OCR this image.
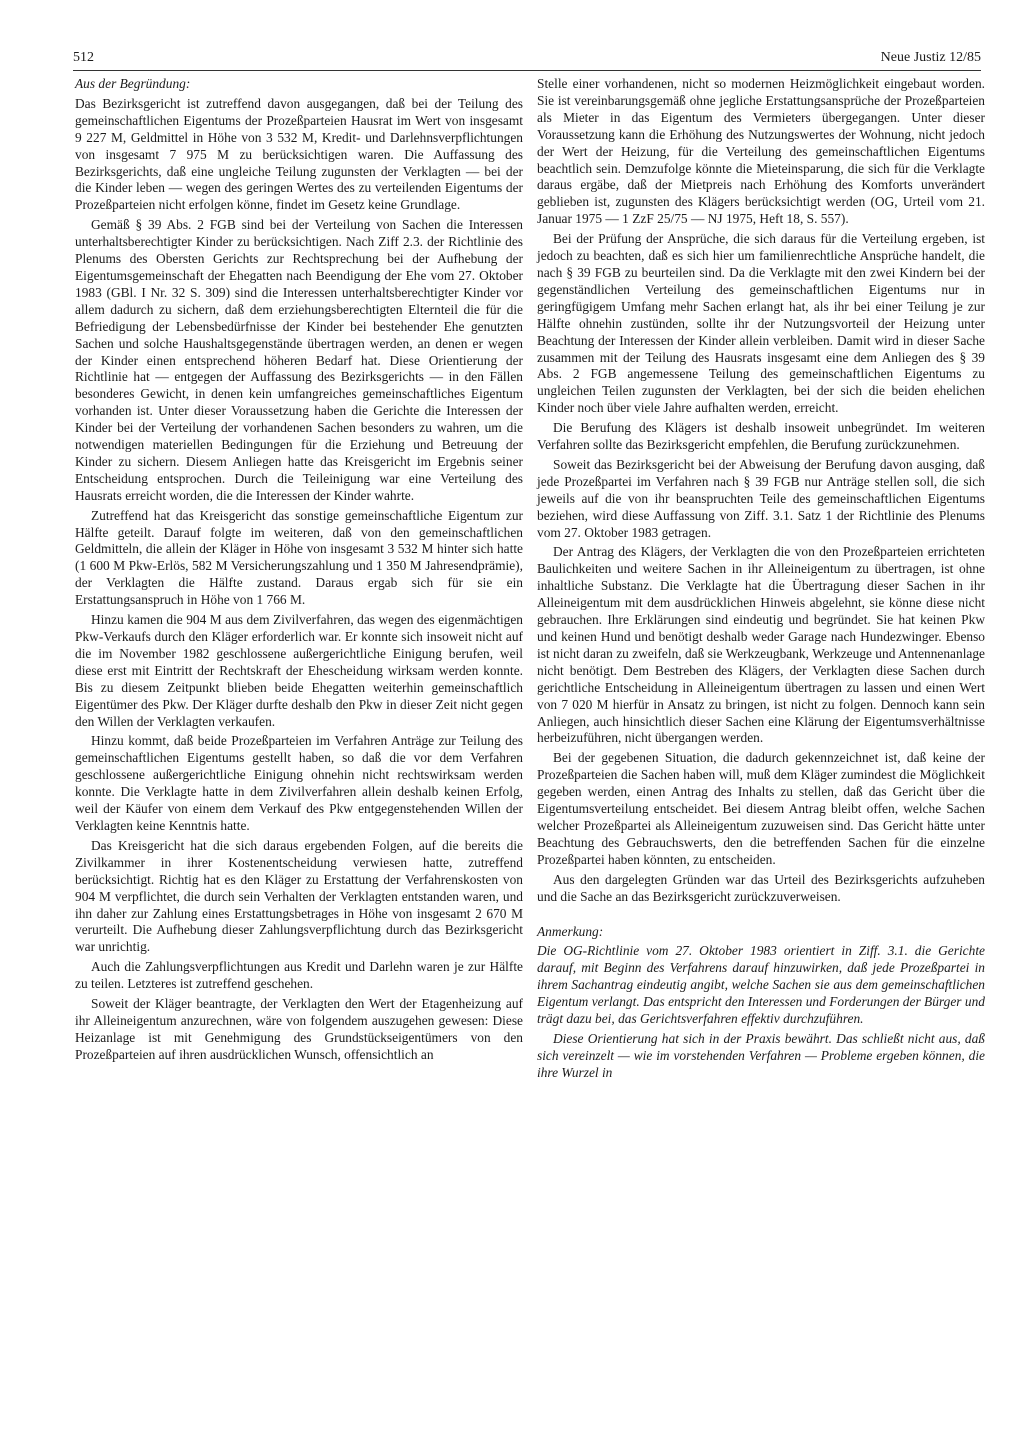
512	Neue Justiz 12/85

Aus der Begründung:

Das Bezirksgericht ist zutreffend davon ausgegangen, daß bei der Teilung des gemeinschaftlichen Eigentums der Prozeßparteien Hausrat im Wert von insgesamt 9 227 M, Geldmittel in Höhe von 3 532 M, Kredit- und Darlehnsverpflichtungen von insgesamt 7 975 M zu berücksichtigen waren. Die Auffassung des Bezirksgerichts, daß eine ungleiche Teilung zugunsten der Verklagten — bei der die Kinder leben — wegen des geringen Wertes des zu verteilenden Eigentums der Prozeßparteien nicht erfolgen könne, findet im Gesetz keine Grundlage.

Gemäß § 39 Abs. 2 FGB sind bei der Verteilung von Sachen die Interessen unterhaltsberechtigter Kinder zu berücksichtigen. Nach Ziff 2.3. der Richtlinie des Plenums des Obersten Gerichts zur Rechtsprechung bei der Aufhebung der Eigentumsgemeinschaft der Ehegatten nach Beendigung der Ehe vom 27. Oktober 1983 (GBl. I Nr. 32 S. 309) sind die Interessen unterhaltsberechtigter Kinder vor allem dadurch zu sichern, daß dem erziehungsberechtigten Elternteil die für die Befriedigung der Lebensbedürfnisse der Kinder bei bestehender Ehe genutzten Sachen und solche Haushaltsgegenstände übertragen werden, an denen er wegen der Kinder einen entsprechend höheren Bedarf hat. Diese Orientierung der Richtlinie hat — entgegen der Auffassung des Bezirksgerichts — in den Fällen besonderes Gewicht, in denen kein umfangreiches gemeinschaftliches Eigentum vorhanden ist. Unter dieser Voraussetzung haben die Gerichte die Interessen der Kinder bei der Verteilung der vorhandenen Sachen besonders zu wahren, um die notwendigen materiellen Bedingungen für die Erziehung und Betreuung der Kinder zu sichern. Diesem Anliegen hatte das Kreisgericht im Ergebnis seiner Entscheidung entsprochen. Durch die Teileinigung war eine Verteilung des Hausrats erreicht worden, die die Interessen der Kinder wahrte.

Zutreffend hat das Kreisgericht das sonstige gemeinschaftliche Eigentum zur Hälfte geteilt. Darauf folgte im weiteren, daß von den gemeinschaftlichen Geldmitteln, die allein der Kläger in Höhe von insgesamt 3 532 M hinter sich hatte (1 600 M Pkw-Erlös, 582 M Versicherungszahlung und 1 350 M Jahresendprämie), der Verklagten die Hälfte zustand. Daraus ergab sich für sie ein Erstattungsanspruch in Höhe von 1 766 M.

Hinzu kamen die 904 M aus dem Zivilverfahren, das wegen des eigenmächtigen Pkw-Verkaufs durch den Kläger erforderlich war. Er konnte sich insoweit nicht auf die im November 1982 geschlossene außergerichtliche Einigung berufen, weil diese erst mit Eintritt der Rechtskraft der Ehescheidung wirksam werden konnte. Bis zu diesem Zeitpunkt blieben beide Ehegatten weiterhin gemeinschaftlich Eigentümer des Pkw. Der Kläger durfte deshalb den Pkw in dieser Zeit nicht gegen den Willen der Verklagten verkaufen.

Hinzu kommt, daß beide Prozeßparteien im Verfahren Anträge zur Teilung des gemeinschaftlichen Eigentums gestellt haben, so daß die vor dem Verfahren geschlossene außergerichtliche Einigung ohnehin nicht rechtswirksam werden konnte. Die Verklagte hatte in dem Zivilverfahren allein deshalb keinen Erfolg, weil der Käufer von einem dem Verkauf des Pkw entgegenstehenden Willen der Verklagten keine Kenntnis hatte.

Das Kreisgericht hat die sich daraus ergebenden Folgen, auf die bereits die Zivilkammer in ihrer Kostenentscheidung verwiesen hatte, zutreffend berücksichtigt. Richtig hat es den Kläger zu Erstattung der Verfahrenskosten von 904 M verpflichtet, die durch sein Verhalten der Verklagten entstanden waren, und ihn daher zur Zahlung eines Erstattungsbetrages in Höhe von insgesamt 2 670 M verurteilt. Die Aufhebung dieser Zahlungsverpflichtung durch das Bezirksgericht war unrichtig.

Auch die Zahlungsverpflichtungen aus Kredit und Darlehn waren je zur Hälfte zu teilen. Letzteres ist zutreffend geschehen.

Soweit der Kläger beantragte, der Verklagten den Wert der Etagenheizung auf ihr Alleineigentum anzurechnen, wäre von folgendem auszugehen gewesen: Diese Heizanlage ist mit Genehmigung des Grundstückseigentümers von den Prozeßparteien auf ihren ausdrücklichen Wunsch, offensichtlich an

Stelle einer vorhandenen, nicht so modernen Heizmöglichkeit eingebaut worden. Sie ist vereinbarungsgemäß ohne jegliche Erstattungsansprüche der Prozeßparteien als Mieter in das Eigentum des Vermieters übergegangen. Unter dieser Voraussetzung kann die Erhöhung des Nutzungswertes der Wohnung, nicht jedoch der Wert der Heizung, für die Verteilung des gemeinschaftlichen Eigentums beachtlich sein. Demzufolge könnte die Mieteinsparung, die sich für die Verklagte daraus ergäbe, daß der Mietpreis nach Erhöhung des Komforts unverändert geblieben ist, zugunsten des Klägers berücksichtigt werden (OG, Urteil vom 21. Januar 1975 — 1 ZzF 25/75 — NJ 1975, Heft 18, S. 557).

Bei der Prüfung der Ansprüche, die sich daraus für die Verteilung ergeben, ist jedoch zu beachten, daß es sich hier um familienrechtliche Ansprüche handelt, die nach § 39 FGB zu beurteilen sind. Da die Verklagte mit den zwei Kindern bei der gegenständlichen Verteilung des gemeinschaftlichen Eigentums nur in geringfügigem Umfang mehr Sachen erlangt hat, als ihr bei einer Teilung je zur Hälfte ohnehin zustünden, sollte ihr der Nutzungsvorteil der Heizung unter Beachtung der Interessen der Kinder allein verbleiben. Damit wird in dieser Sache zusammen mit der Teilung des Hausrats insgesamt eine dem Anliegen des § 39 Abs. 2 FGB angemessene Teilung des gemeinschaftlichen Eigentums zu ungleichen Teilen zugunsten der Verklagten, bei der sich die beiden ehelichen Kinder noch über viele Jahre aufhalten werden, erreicht.

Die Berufung des Klägers ist deshalb insoweit unbegründet. Im weiteren Verfahren sollte das Bezirksgericht empfehlen, die Berufung zurückzunehmen.

Soweit das Bezirksgericht bei der Abweisung der Berufung davon ausging, daß jede Prozeßpartei im Verfahren nach § 39 FGB nur Anträge stellen soll, die sich jeweils auf die von ihr beanspruchten Teile des gemeinschaftlichen Eigentums beziehen, wird diese Auffassung von Ziff. 3.1. Satz 1 der Richtlinie des Plenums vom 27. Oktober 1983 getragen.

Der Antrag des Klägers, der Verklagten die von den Prozeßparteien errichteten Baulichkeiten und weitere Sachen in ihr Alleineigentum zu übertragen, ist ohne inhaltliche Substanz. Die Verklagte hat die Übertragung dieser Sachen in ihr Alleineigentum mit dem ausdrücklichen Hinweis abgelehnt, sie könne diese nicht gebrauchen. Ihre Erklärungen sind eindeutig und begründet. Sie hat keinen Pkw und keinen Hund und benötigt deshalb weder Garage nach Hundezwinger. Ebenso ist nicht daran zu zweifeln, daß sie Werkzeugbank, Werkzeuge und Antennenanlage nicht benötigt. Dem Bestreben des Klägers, der Verklagten diese Sachen durch gerichtliche Entscheidung in Alleineigentum übertragen zu lassen und einen Wert von 7 020 M hierfür in Ansatz zu bringen, ist nicht zu folgen. Dennoch kann sein Anliegen, auch hinsichtlich dieser Sachen eine Klärung der Eigentumsverhältnisse herbeizuführen, nicht übergangen werden.

Bei der gegebenen Situation, die dadurch gekennzeichnet ist, daß keine der Prozeßparteien die Sachen haben will, muß dem Kläger zumindest die Möglichkeit gegeben werden, einen Antrag des Inhalts zu stellen, daß das Gericht über die Eigentumsverteilung entscheidet. Bei diesem Antrag bleibt offen, welche Sachen welcher Prozeßpartei als Alleineigentum zuzuweisen sind. Das Gericht hätte unter Beachtung des Gebrauchswerts, den die betreffenden Sachen für die einzelne Prozeßpartei haben könnten, zu entscheiden.

Aus den dargelegten Gründen war das Urteil des Bezirksgerichts aufzuheben und die Sache an das Bezirksgericht zurückzuverweisen.

Anmerkung:

Die OG-Richtlinie vom 27. Oktober 1983 orientiert in Ziff. 3.1. die Gerichte darauf, mit Beginn des Verfahrens darauf hinzuwirken, daß jede Prozeßpartei in ihrem Sachantrag eindeutig angibt, welche Sachen sie aus dem gemeinschaftlichen Eigentum verlangt. Das entspricht den Interessen und Forderungen der Bürger und trägt dazu bei, das Gerichtsverfahren effektiv durchzuführen.

Diese Orientierung hat sich in der Praxis bewährt. Das schließt nicht aus, daß sich vereinzelt — wie im vorstehenden Verfahren — Probleme ergeben können, die ihre Wurzel in
